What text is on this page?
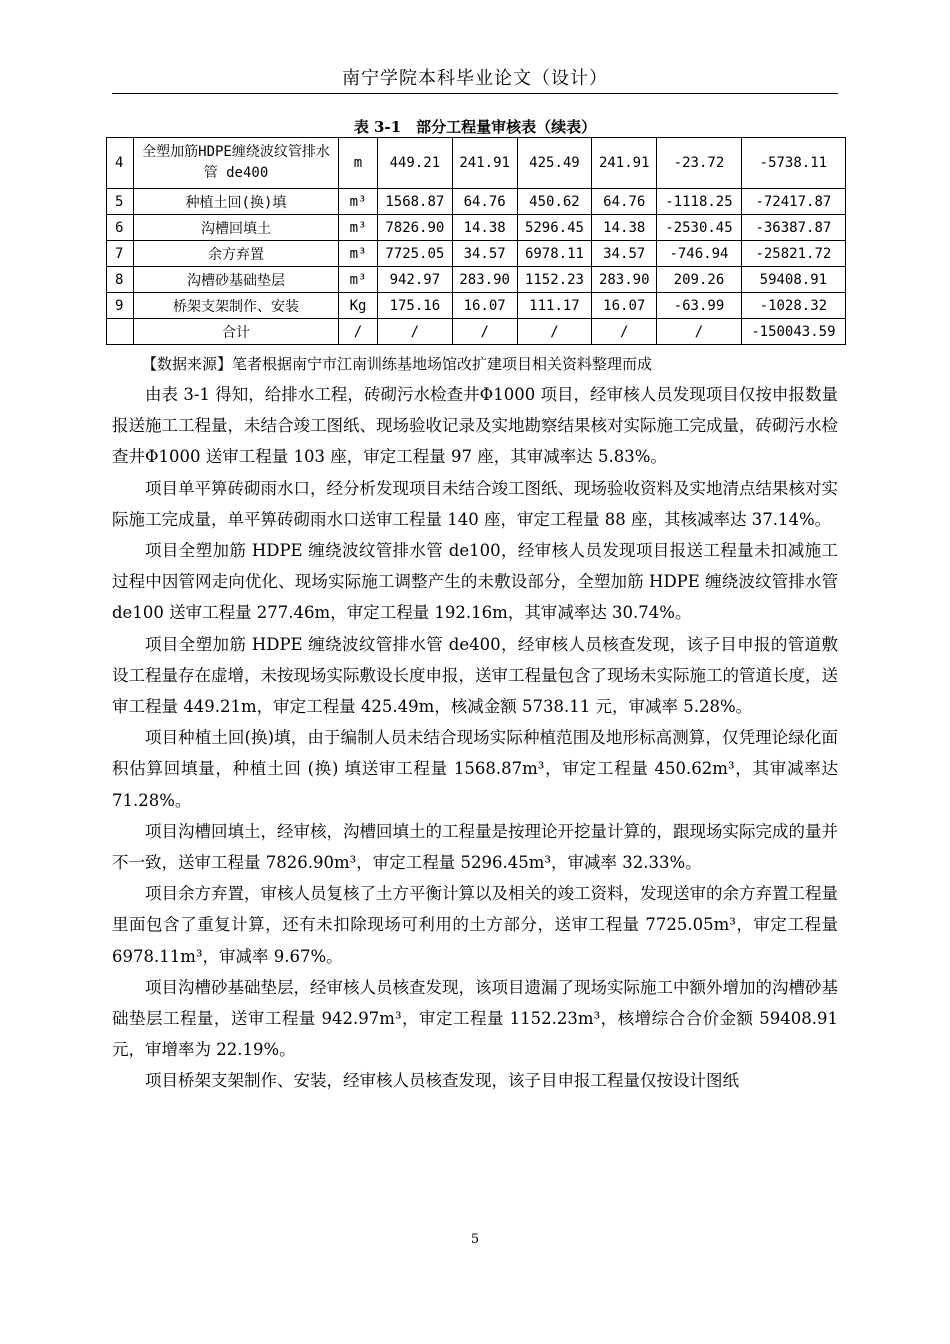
南宁学院本科毕业论文（设计）
表 3-1　部分工程量审核表（续表）
4	全塑加筋HDPE缠绕波纹管排水管 de400	m	449.21	241.91	425.49	241.91	-23.72	-5738.11
5	种植土回(换)填	m³	1568.87	64.76	450.62	64.76	-1118.25	-72417.87
6	沟槽回填土	m³	7826.90	14.38	5296.45	14.38	-2530.45	-36387.87
7	余方弃置	m³	7725.05	34.57	6978.11	34.57	-746.94	-25821.72
8	沟槽砂基础垫层	m³	942.97	283.90	1152.23	283.90	209.26	59408.91
9	桥架支架制作、安装	Kg	175.16	16.07	111.17	16.07	-63.99	-1028.32
	合计	/	/	/	/	/	/	-150043.59
【数据来源】笔者根据南宁市江南训练基地场馆改扩建项目相关资料整理而成

由表 3-1 得知，给排水工程，砖砌污水检查井Φ1000 项目，经审核人员发现项目仅按申报数量报送施工工程量，未结合竣工图纸、现场验收记录及实地勘察结果核对实际施工完成量，砖砌污水检查井Φ1000 送审工程量 103 座，审定工程量 97 座，其审减率达 5.83%。

项目单平箅砖砌雨水口，经分析发现项目未结合竣工图纸、现场验收资料及实地清点结果核对实际施工完成量，单平箅砖砌雨水口送审工程量 140 座，审定工程量 88 座，其核减率达 37.14%。

项目全塑加筋 HDPE 缠绕波纹管排水管 de100，经审核人员发现项目报送工程量未扣减施工过程中因管网走向优化、现场实际施工调整产生的未敷设部分，全塑加筋 HDPE 缠绕波纹管排水管 de100 送审工程量 277.46m，审定工程量 192.16m，其审减率达 30.74%。

项目全塑加筋 HDPE 缠绕波纹管排水管 de400，经审核人员核查发现，该子目申报的管道敷设工程量存在虚增，未按现场实际敷设长度申报，送审工程量包含了现场未实际施工的管道长度，送审工程量 449.21m，审定工程量 425.49m，核减金额 5738.11 元，审减率 5.28%。

项目种植土回(换)填，由于编制人员未结合现场实际种植范围及地形标高测算，仅凭理论绿化面积估算回填量，种植土回 (换) 填送审工程量 1568.87m³，审定工程量 450.62m³，其审减率达 71.28%。

项目沟槽回填土，经审核，沟槽回填土的工程量是按理论开挖量计算的，跟现场实际完成的量并不一致，送审工程量 7826.90m³，审定工程量 5296.45m³，审减率 32.33%。

项目余方弃置，审核人员复核了土方平衡计算以及相关的竣工资料，发现送审的余方弃置工程量里面包含了重复计算，还有未扣除现场可利用的土方部分，送审工程量 7725.05m³，审定工程量 6978.11m³，审减率 9.67%。

项目沟槽砂基础垫层，经审核人员核查发现，该项目遗漏了现场实际施工中额外增加的沟槽砂基础垫层工程量，送审工程量 942.97m³，审定工程量 1152.23m³，核增综合合价金额 59408.91 元，审增率为 22.19%。

项目桥架支架制作、安装，经审核人员核查发现，该子目申报工程量仅按设计图纸

5
